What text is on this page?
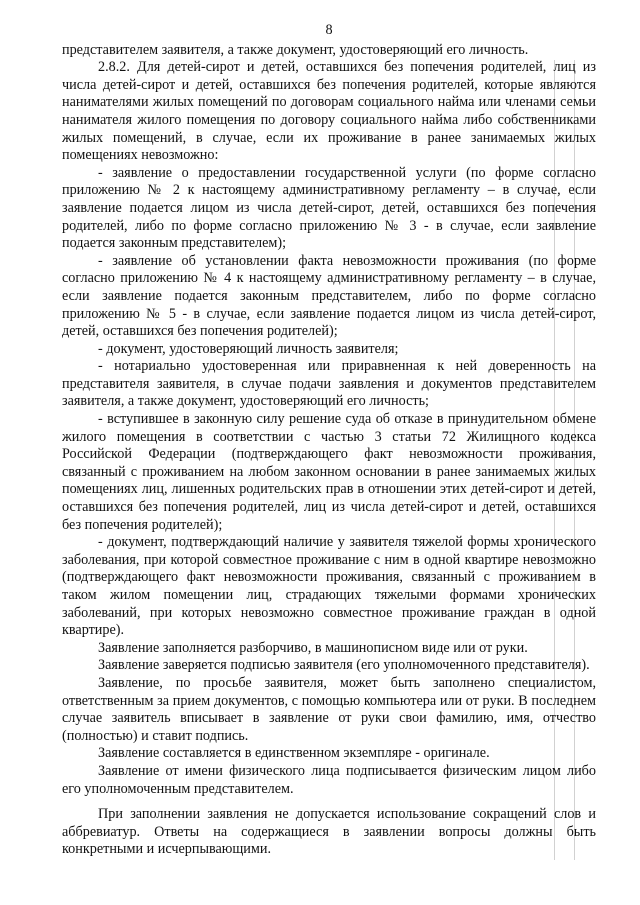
8

представителем заявителя, а также документ, удостоверяющий его личность.

2.8.2. Для детей-сирот и детей, оставшихся без попечения родителей, лиц из числа детей-сирот и детей, оставшихся без попечения родителей, которые являются нанимателями жилых помещений по договорам социального найма или членами семьи нанимателя жилого помещения по договору социального найма либо собственниками жилых помещений, в случае, если их проживание в ранее занимаемых жилых помещениях невозможно:

- заявление о предоставлении государственной услуги (по форме согласно приложению № 2 к настоящему административному регламенту – в случае, если заявление подается лицом из числа детей-сирот, детей, оставшихся без попечения родителей, либо по форме согласно приложению № 3 - в случае, если заявление подается законным представителем);

- заявление об установлении факта невозможности проживания (по форме согласно приложению № 4 к настоящему административному регламенту – в случае, если заявление подается законным представителем, либо по форме согласно приложению № 5 - в случае, если заявление подается лицом из числа детей-сирот, детей, оставшихся без попечения родителей);

- документ, удостоверяющий личность заявителя;

- нотариально удостоверенная или приравненная к ней доверенность на представителя заявителя, в случае подачи заявления и документов представителем заявителя, а также документ, удостоверяющий его личность;

- вступившее в законную силу решение суда об отказе в принудительном обмене жилого помещения в соответствии с частью 3 статьи 72 Жилищного кодекса Российской Федерации (подтверждающего факт невозможности проживания, связанный с проживанием на любом законном основании в ранее занимаемых жилых помещениях лиц, лишенных родительских прав в отношении этих детей-сирот и детей, оставшихся без попечения родителей, лиц из числа детей-сирот и детей, оставшихся без попечения родителей);

- документ, подтверждающий наличие у заявителя тяжелой формы хронического заболевания, при которой совместное проживание с ним в одной квартире невозможно (подтверждающего факт невозможности проживания, связанный с проживанием в таком жилом помещении лиц, страдающих тяжелыми формами хронических заболеваний, при которых невозможно совместное проживание граждан в одной квартире).

Заявление заполняется разборчиво, в машинописном виде или от руки.

Заявление заверяется подписью заявителя (его уполномоченного представителя).

Заявление, по просьбе заявителя, может быть заполнено специалистом, ответственным за прием документов, с помощью компьютера или от руки. В последнем случае заявитель вписывает в заявление от руки свои фамилию, имя, отчество (полностью) и ставит подпись.

Заявление составляется в единственном экземпляре - оригинале.

Заявление от имени физического лица подписывается физическим лицом либо его уполномоченным представителем.

При заполнении заявления не допускается использование сокращений слов и аббревиатур. Ответы на содержащиеся в заявлении вопросы должны быть конкретными и исчерпывающими.
